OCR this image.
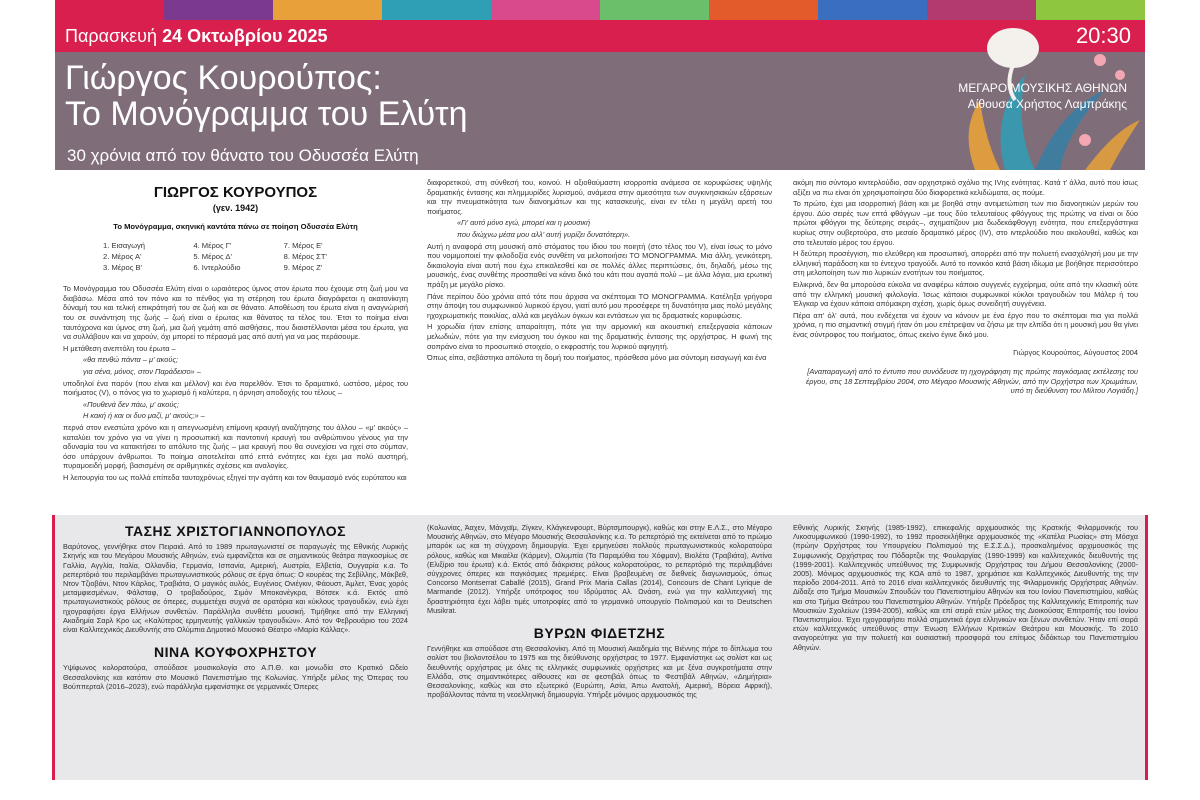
Παρασκευή 24 Οκτωβρίου 2025	20:30
Γιώργος Κουρούπος:
Το Μονόγραμμα του Ελύτη
30 χρόνια από τον θάνατο του Οδυσσέα Ελύτη
ΜΕΓΑΡΟ ΜΟΥΣΙΚΗΣ ΑΘΗΝΩΝ
Αίθουσα Χρήστος Λαμπράκης
ΓΙΩΡΓΟΣ ΚΟΥΡΟΥΠΟΣ
(γεν. 1942)
Το Μονόγραμμα, σκηνική καντάτα πάνω σε ποίηση Οδυσσέα Ελύτη
1. Εισαγωγή	4. Μέρος Γ'	7. Μέρος Ε'
2. Μέρος Α'	5. Μέρος Δ'	8. Μέρος ΣΤ'
3. Μέρος Β'	6. Ιντερλούδιο	9. Μέρος Ζ'

Το Μονόγραμμα του Οδυσσέα Ελύτη είναι ο ωραιότερος ύμνος στον έρωτα που έχουμε στη ζωή μου να διαβάσω. Μέσα από τον πόνο και το πένθος για τη στέρηση του έρωτα διαγράφεται η ακατανίκητη δύναμή του και τελική επικράτησή του σε ζωή και σε θάνατο. Αποθέωση του έρωτα είναι η αναγνώρισή του σε συνάντηση της ζωής – ζωή είναι ο έρωτας και θάνατος τα τέλος του. Έτσι το ποίημα είναι ταυτόχρονα και ύμνος στη ζωή, μια ζωή γεμάτη από αισθήσεις, που διαιστέλλονται μέσα του έρωτα, για να συλλάβουν και να χαρούν, όχι μπορεί το πέρασμά μας από αυτή για να μας περάσουμε.

Η μετάθεση ανεπτόλη του έρωτα –

«θα πενθώ πάντα – μ' ακούς;

για σένα, μόνος, στον Παράδεισο» –

υποδηλοί ένα παρόν (που είναι και μέλλον) και ένα παρελθόν. Έτσι το δραματικό, ωστόσο, μέρος του ποιήματος (V), ο πόνος για το χωρισμό ή καλύτερα, η άρνηση αποδοχής του τέλους –

«Πουθενά δεν πάω, μ' ακούς;

Η κακή ή και οι δυο μαζί, μ' ακούς;» –

περνά στον ενεστώτα χρόνο και η απεγνωσμένη επίμονη κραυγή αναζήτησης του άλλου – «μ' ακούς» – καταλύει τον χρόνο για να γίνει η προσωπική και παντοτινή κραυγή του ανθρώπινου γένους για την αδυναμία του να κατακτήσει το απόλυτο της ζωής – μια κραυγή που θα συνεχίσει να ηχεί στο σύμπαν, όσο υπάρχουν άνθρωποι. Το ποίημα αποτελείται από επτά ενότητες και έχει μια πολύ αυστηρή, πυραμοειδή μορφή, βασισμένη σε αριθμητικές σχέσεις και αναλογίες.

Η λειτουργία του ως πολλά επίπεδα ταυτοχρόνως εξηγεί την αγάπη και τον θαυμασμό ενός ευρύτατου και

διαφορετικού, στη σύνθεσή του, κοινού. Η αξιοθαύμαστη ισορροπία ανάμεσα σε κορυφώσεις υψηλής δραματικής έντασης και πλημμυρίδες λυρισμού, ανάμεσα στην αμεσότητα των συγκινησιακών εξάρσεων και την πνευματικότητα των διανοημάτων και της κατασκευής, είναι εν τέλει η μεγάλη αρετή του ποιήματος.

«Γι' αυτό μόνο εγώ, μπορεί και η μουσική

που διώχνω μέσα μου αλλ' αυτή γυρίζει δυνατότερη».

Αυτή η αναφορά στη μουσική από στόματος του ίδιου του ποιητή (στο τέλος του V), είναι ίσως το μόνο που νομιμοποιεί την φιλοδοξία ενός συνθέτη να μελοποιήσει ΤΟ ΜΟΝΟΓΡΑΜΜΑ. Μια άλλη, γενικότερη, δικαιολογία είναι αυτή που έχω επικαλεσθεί και σε πολλές άλλες περιπτώσεις, ότι, δηλαδή, μέσω της μουσικής, ένας συνθέτης προσπαθεί να κάνει δικό του κάτι που αγαπά πολύ – με άλλα λόγια, μια ερωτική πράξη με μεγάλο ρίσκο.

Πάνε περίπου δύο χρόνια από τότε που άρχισα να σκέπτομαι ΤΟ ΜΟΝΟΓΡΑΜΜΑ. Κατέληξα γρήγορα στην άποψη του συμφωνικού λυρικού έργου, γιατί αυτό μου προσέφερε τη δυνατότητα μιας πολύ μεγάλης ηχοχρωματικής ποικιλίας, αλλά και μεγάλων όγκων και εντάσεων για τις δραματικές κορυφώσεις.

Η χορωδία ήταν επίσης απαραίτητη, πότε για την αρμονική και ακουστική επεξεργασία κάποιων μελωδιών, πότε για την ενίσχυση του όγκου και της δραματικής έντασης της ορχήστρας. Η φωνή της σοπράνο είναι το προσωπικό στοιχείο, ο εκφραστής του λυρικού αφηγητή.

Όπως είπα, σεβάστηκα απόλυτα τη δομή του ποιήματος, πρόσθεσα μόνο μια σύντομη εισαγωγή και ένα

ακόμη πιο σύντομο κιντερλούδιο, σαν ορχηστρικό σχόλιο της IVης ενότητας. Κατά τ' άλλα, αυτό που ίσως αξίζει να πω είναι ότι χρησιμοποίησα δύο διαφορετικά κελιδώματα, ας πούμε.

Το πρώτο, έχει μια ισορροπική βάση και με βοηθά στην αντιμετώπιση των πιο διανοητικών μερών του έργου. Δύο σειρές των επτά φθόγγων –με τους δύο τελευταίους φθόγγους της πρώτης να είναι οι δύο πρώτοι φθόγγοι της δεύτερης σειράς–, σχηματίζουν μια δωδεκάφθογγη ενότητα, που επεξεργάστηκα κυρίως στην ουβερτούρα, στο μεσαίο δραματικό μέρος (IV), στο ιντερλούδιο που ακολουθεί, καθώς και στο τελευταίο μέρος του έργου.

Η δεύτερη προσέγγιση, πιο ελεύθερη και προσωπική, απορρέει από την πολυετή ενασχόλησή μου με την ελληνική παράδοση και το έντεχνο τραγούδι. Αυτό το ιτονικόο κατά βάση ιδίωμα με βοήθησε περισσότερο στη μελοποίηση των πιο λυρικών ενοτήτων του ποιήματος.

Ειλικρινά, δεν θα μπορούσα εύκολα να αναφέρω κάποιο συγγενές εγχείρημα, ούτε από την κλασική ούτε από την ελληνική μουσική φιλολογία. Ίσως κάποιοι συμφωνικοί κύκλοι τραγουδιών του Μάλερ ή του Έλγκαρ να έχουν κάποια απόμακρη σχέση, χωρίς όμως συνειδητή συγγένεια.

Πέρα απ' όλ' αυτά, που ενδέχεται να έχουν να κάνουν με ένα έργο που το σκέπτομαι πια για πολλά χρόνια, η πιο σημαντική στιγμή ήταν ότι μου επέτρεψαν να ζήσω με την ελπίδα ότι η μουσική μου θα γίνει ένας σύντροφος του ποιήματος, όπως εκείνο έγινε δικό μου.

Γιώργος Κουρούπος, Αύγουστος 2004

[Αναπαραγωγή από το έντυπο που συνόδευσε τη ηχογράφηση της πρώτης παγκόσμιας εκτέλεσης του έργου, στις 18 Σεπτεμβρίου 2004, στο Μέγαρο Μουσικής Αθηνών, από την Ορχήστρα των Χρωμάτων, υπό τη διεύθυνση του Μίλτου Λογιάδη.]

ΤΑΣΗΣ ΧΡΙΣΤΟΓΙΑΝΝΟΠΟΥΛΟΣ

Βαρύτονος, γεννήθηκε στον Πειραιά. Από το 1989 πρωταγωνιστεί σε παραγωγές της Εθνικής Λυρικής Σκηνής και του Μεγάρου Μουσικής Αθηνών, ενώ εμφανίζεται και σε σημαντικούς θεάτρα παγκοσμίως σε Γαλλία, Αγγλία, Ιταλία, Ολλανδία, Γερμανία, Ισπανία, Αμερική, Αυστρία, Ελβετία, Ουγγαρία κ.α. Το ρεπερτόριό του περιλαμβάνει πρωταγωνιστικούς ρόλους σε έργα όπως: Ο κουρέας της Σεβίλλης, Μάκβεθ, Ντον Τζιοβάνι, Ντον Κάρλος, Τραβιάτα, Ο μαγικός αυλός, Ευγένιος Ονιέγκιν, Φάουστ, Άμλετ, Ένας χορός μεταμφιεσμένων, Φάλσταφ, Ο τροβαδούρος, Σιμόν Μποκανέγκρα, Βότσεκ κ.ά. Εκτός από πρωταγωνιστικούς ρόλους σε όπερες, συμμετέχει συχνά σε ορατόρια και κύκλους τραγουδιών, ενώ έχει ηχογραφήσει έργα Ελλήνων συνθετών. Παράλληλα συνθέτει μουσική. Τιμήθηκε από την Ελληνική Ακαδημία Σαρλ Κρο ως «Καλύτερος ερμηνευτής γαλλικών τραγουδιών». Από τον Φεβρουάριο του 2024 είναι Καλλιτεχνικός Διευθυντής στο Ολύμπια Δημοτικό Μουσικό Θέατρο «Μαρία Κάλλας».

ΝΙΝΑ ΚΟΥΦΟΧΡΗΣΤΟΥ

Υψίφωνος κολορατούρα, σπούδασε μουσικολογία στο Α.Π.Θ. και μονωδία στο Κρατικό Ωδείο Θεσσαλονίκης και κατόπιν στο Μουσικό Πανεπιστήμιο της Κολωνίας. Υπήρξε μέλος της Όπερας του Βούππερταλ (2016–2023), ενώ παράλληλα εμφανίστηκε σε γερμανικές Όπερες

(Κολωνίας, Άαχεν, Μάνχαϊμ, Ζίγκεν, Κλάγκενφουρτ, Βύρτσμπουργκ), καθώς και στην Ε.Λ.Σ., στο Μέγαρο Μουσικής Αθηνών, στο Μέγαρο Μουσικής Θεσσαλονίκης κ.α. Το ρεπερτόριό της εκτείνεται από το πρώιμο μπαρόκ ως και τη σύγχρονη δημιουργία. Έχει ερμηνεύσει πολλούς πρωταγωνιστικούς κολορατούρα ρόλους, καθώς και Μικαέλα (Κάρμεν), Ολυμπία (Τα Παραμύθια του Χόφμαν), Βιολέτα (Τραβιάτα), Αντίνα (Ελιξίριο του έρωτα) κ.ά. Εκτός από διάκρισεις ρόλους κολορατούρας, το ρεπερτόριό της περιλαμβάνει σύγχρονες όπερες και παγκόσμιες πρεμιέρες. Είναι βραβευμένη σε διεθνείς διαγωνισμούς, όπως Concorso Montserrat Caballé (2015), Grand Prix Maria Callas (2014), Concours de Chant Lyrique de Marmande (2012). Υπήρξε υπότροφος του Ιδρύματος Αλ. Ωνάση, ενώ για την καλλιτεχνική της δραστηριότητα έχει λάβει τιμές υποτροφίες από το γερμανικό υπουργείο Πολιτισμού και το Deutschen Musikrat.

ΒΥΡΩΝ ΦΙΔΕΤΖΗΣ

Γεννήθηκε και σπούδασε στη Θεσσαλονίκη. Από τη Μουσική Ακαδημία της Βιέννης πήρε το δίπλωμα του σολίστ του βιολοντσέλου το 1975 και της διεύθυνσης ορχήστρας το 1977. Εμφανίστηκε ως σολίστ και ως διευθυντής ορχήστρας με όλες τις ελληνικές συμφωνικές ορχήστρες και με ξένα συγκροτήματα στην Ελλάδα, στις σημαντικότερες αίθουσες και σε φεστιβάλ όπως το Φεστιβάλ Αθηνών, «Δημήτρια» Θεσσαλονίκης, καθώς και στο εξωτερικό (Ευρώπη, Ασία, Άπω Ανατολή, Αμερική, Βόρεια Αφρική), προβάλλοντας πάντα τη νεοελληνική δημιουργία. Υπήρξε μόνιμος αρχιμουσικός της

Εθνικής Λυρικής Σκηνής (1985-1992), επικεφαλής αρχιμουσικός της Κρατικής Φιλαρμονικής του Λικοσυμφωνικού (1990-1992), το 1992 προσεκλήθηκε αρχιμουσικός της «Κατέλα Ρωσίας» στη Μόσχα (πρώην Ορχήστρας του Υπουργείου Πολιτισμού της Ε.Σ.Σ.Δ.), προσκαλημένος αρχιμουσικός της Συμφωνικής Ορχήστρας του Πόδαρτζικ της Φουλαργίας (1990-1999) και καλλιτεχνικός διευθυντής της (1999-2001). Καλλιτεχνικός υπεύθυνος της Συμφωνικής Ορχήστρας του Δήμου Θεσσαλονίκης (2000-2005). Μόνιμος αρχιμουσικός της ΚΟΑ από το 1987, χρημάτισε και Καλλιτεχνικός Διευθυντής της την περίοδο 2004-2011. Από το 2016 είναι καλλιτεχνικός διευθυντής της Φιλαρμονικής Ορχήστρας Αθηνών. Δίδαξε στο Τμήμα Μουσικών Σπουδών του Πανεπιστημίου Αθηνών και του Ιονίου Πανεπιστημίου, καθώς και στο Τμήμα Θεάτρου του Πανεπιστημίου Αθηνών. Υπήρξε Πρόεδρος της Καλλιτεχνικής Επιτροπής των Μουσικών Σχολείων (1994-2005), καθώς και επί σειρά ετών μέλος της Διοικούσας Επιτροπής του Ιονίου Πανεπιστημίου. Έχει ηχογραφήσει πολλά σημαντικά έργα ελληνικών και ξένων συνθετών. Ήταν επί σειρά ετών καλλιτεχνικός υπεύθυνος στην Ένωση Ελλήνων Κριτικών Θεάτρου και Μουσικής. Το 2010 αναγορεύτηκε για την πολυετή και ουσιαστική προσφορά του επίτιμος διδάκτωρ του Πανεπιστημίου Αθηνών.
